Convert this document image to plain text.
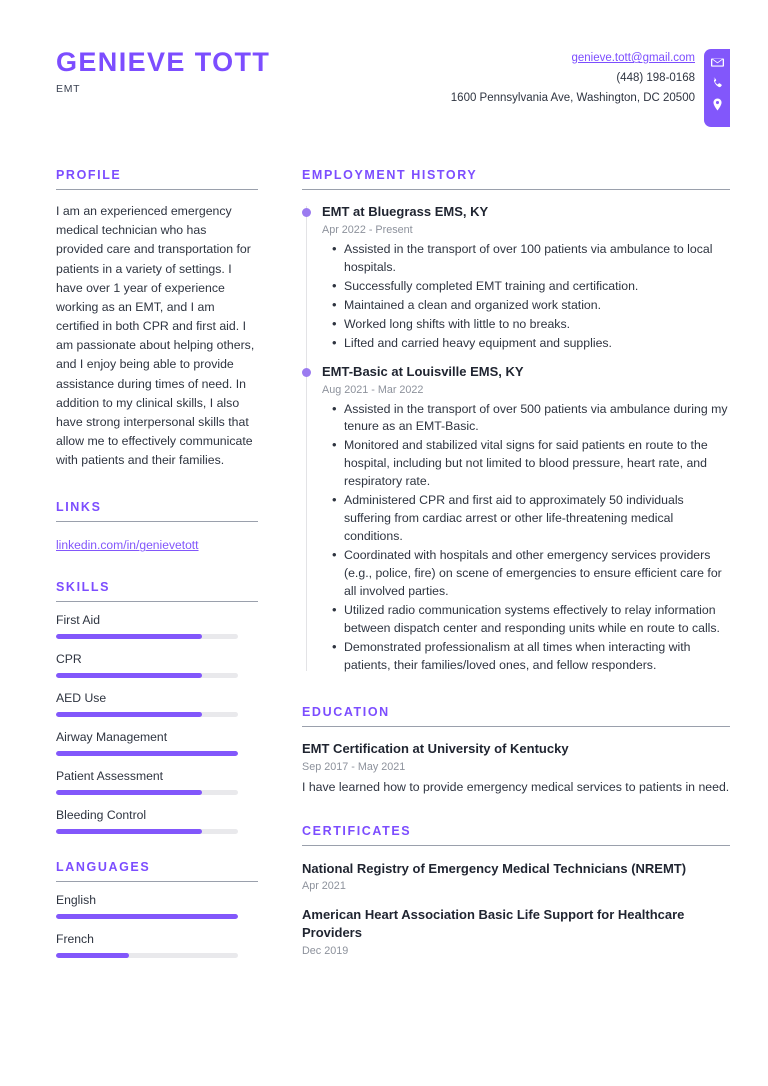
GENIEVE TOTT
EMT
genieve.tott@gmail.com
(448) 198-0168
1600 Pennsylvania Ave, Washington, DC 20500
PROFILE
I am an experienced emergency medical technician who has provided care and transportation for patients in a variety of settings. I have over 1 year of experience working as an EMT, and I am certified in both CPR and first aid. I am passionate about helping others, and I enjoy being able to provide assistance during times of need. In addition to my clinical skills, I also have strong interpersonal skills that allow me to effectively communicate with patients and their families.
LINKS
linkedin.com/in/genievetott
SKILLS
First Aid
CPR
AED Use
Airway Management
Patient Assessment
Bleeding Control
LANGUAGES
English
French
EMPLOYMENT HISTORY
EMT at Bluegrass EMS, KY
Apr 2022 - Present
• Assisted in the transport of over 100 patients via ambulance to local hospitals.
• Successfully completed EMT training and certification.
• Maintained a clean and organized work station.
• Worked long shifts with little to no breaks.
• Lifted and carried heavy equipment and supplies.
EMT-Basic at Louisville EMS, KY
Aug 2021 - Mar 2022
• Assisted in the transport of over 500 patients via ambulance during my tenure as an EMT-Basic.
• Monitored and stabilized vital signs for said patients en route to the hospital, including but not limited to blood pressure, heart rate, and respiratory rate.
• Administered CPR and first aid to approximately 50 individuals suffering from cardiac arrest or other life-threatening medical conditions.
• Coordinated with hospitals and other emergency services providers (e.g., police, fire) on scene of emergencies to ensure efficient care for all involved parties.
• Utilized radio communication systems effectively to relay information between dispatch center and responding units while en route to calls.
• Demonstrated professionalism at all times when interacting with patients, their families/loved ones, and fellow responders.
EDUCATION
EMT Certification at University of Kentucky
Sep 2017 - May 2021
I have learned how to provide emergency medical services to patients in need.
CERTIFICATES
National Registry of Emergency Medical Technicians (NREMT)
Apr 2021
American Heart Association Basic Life Support for Healthcare Providers
Dec 2019
